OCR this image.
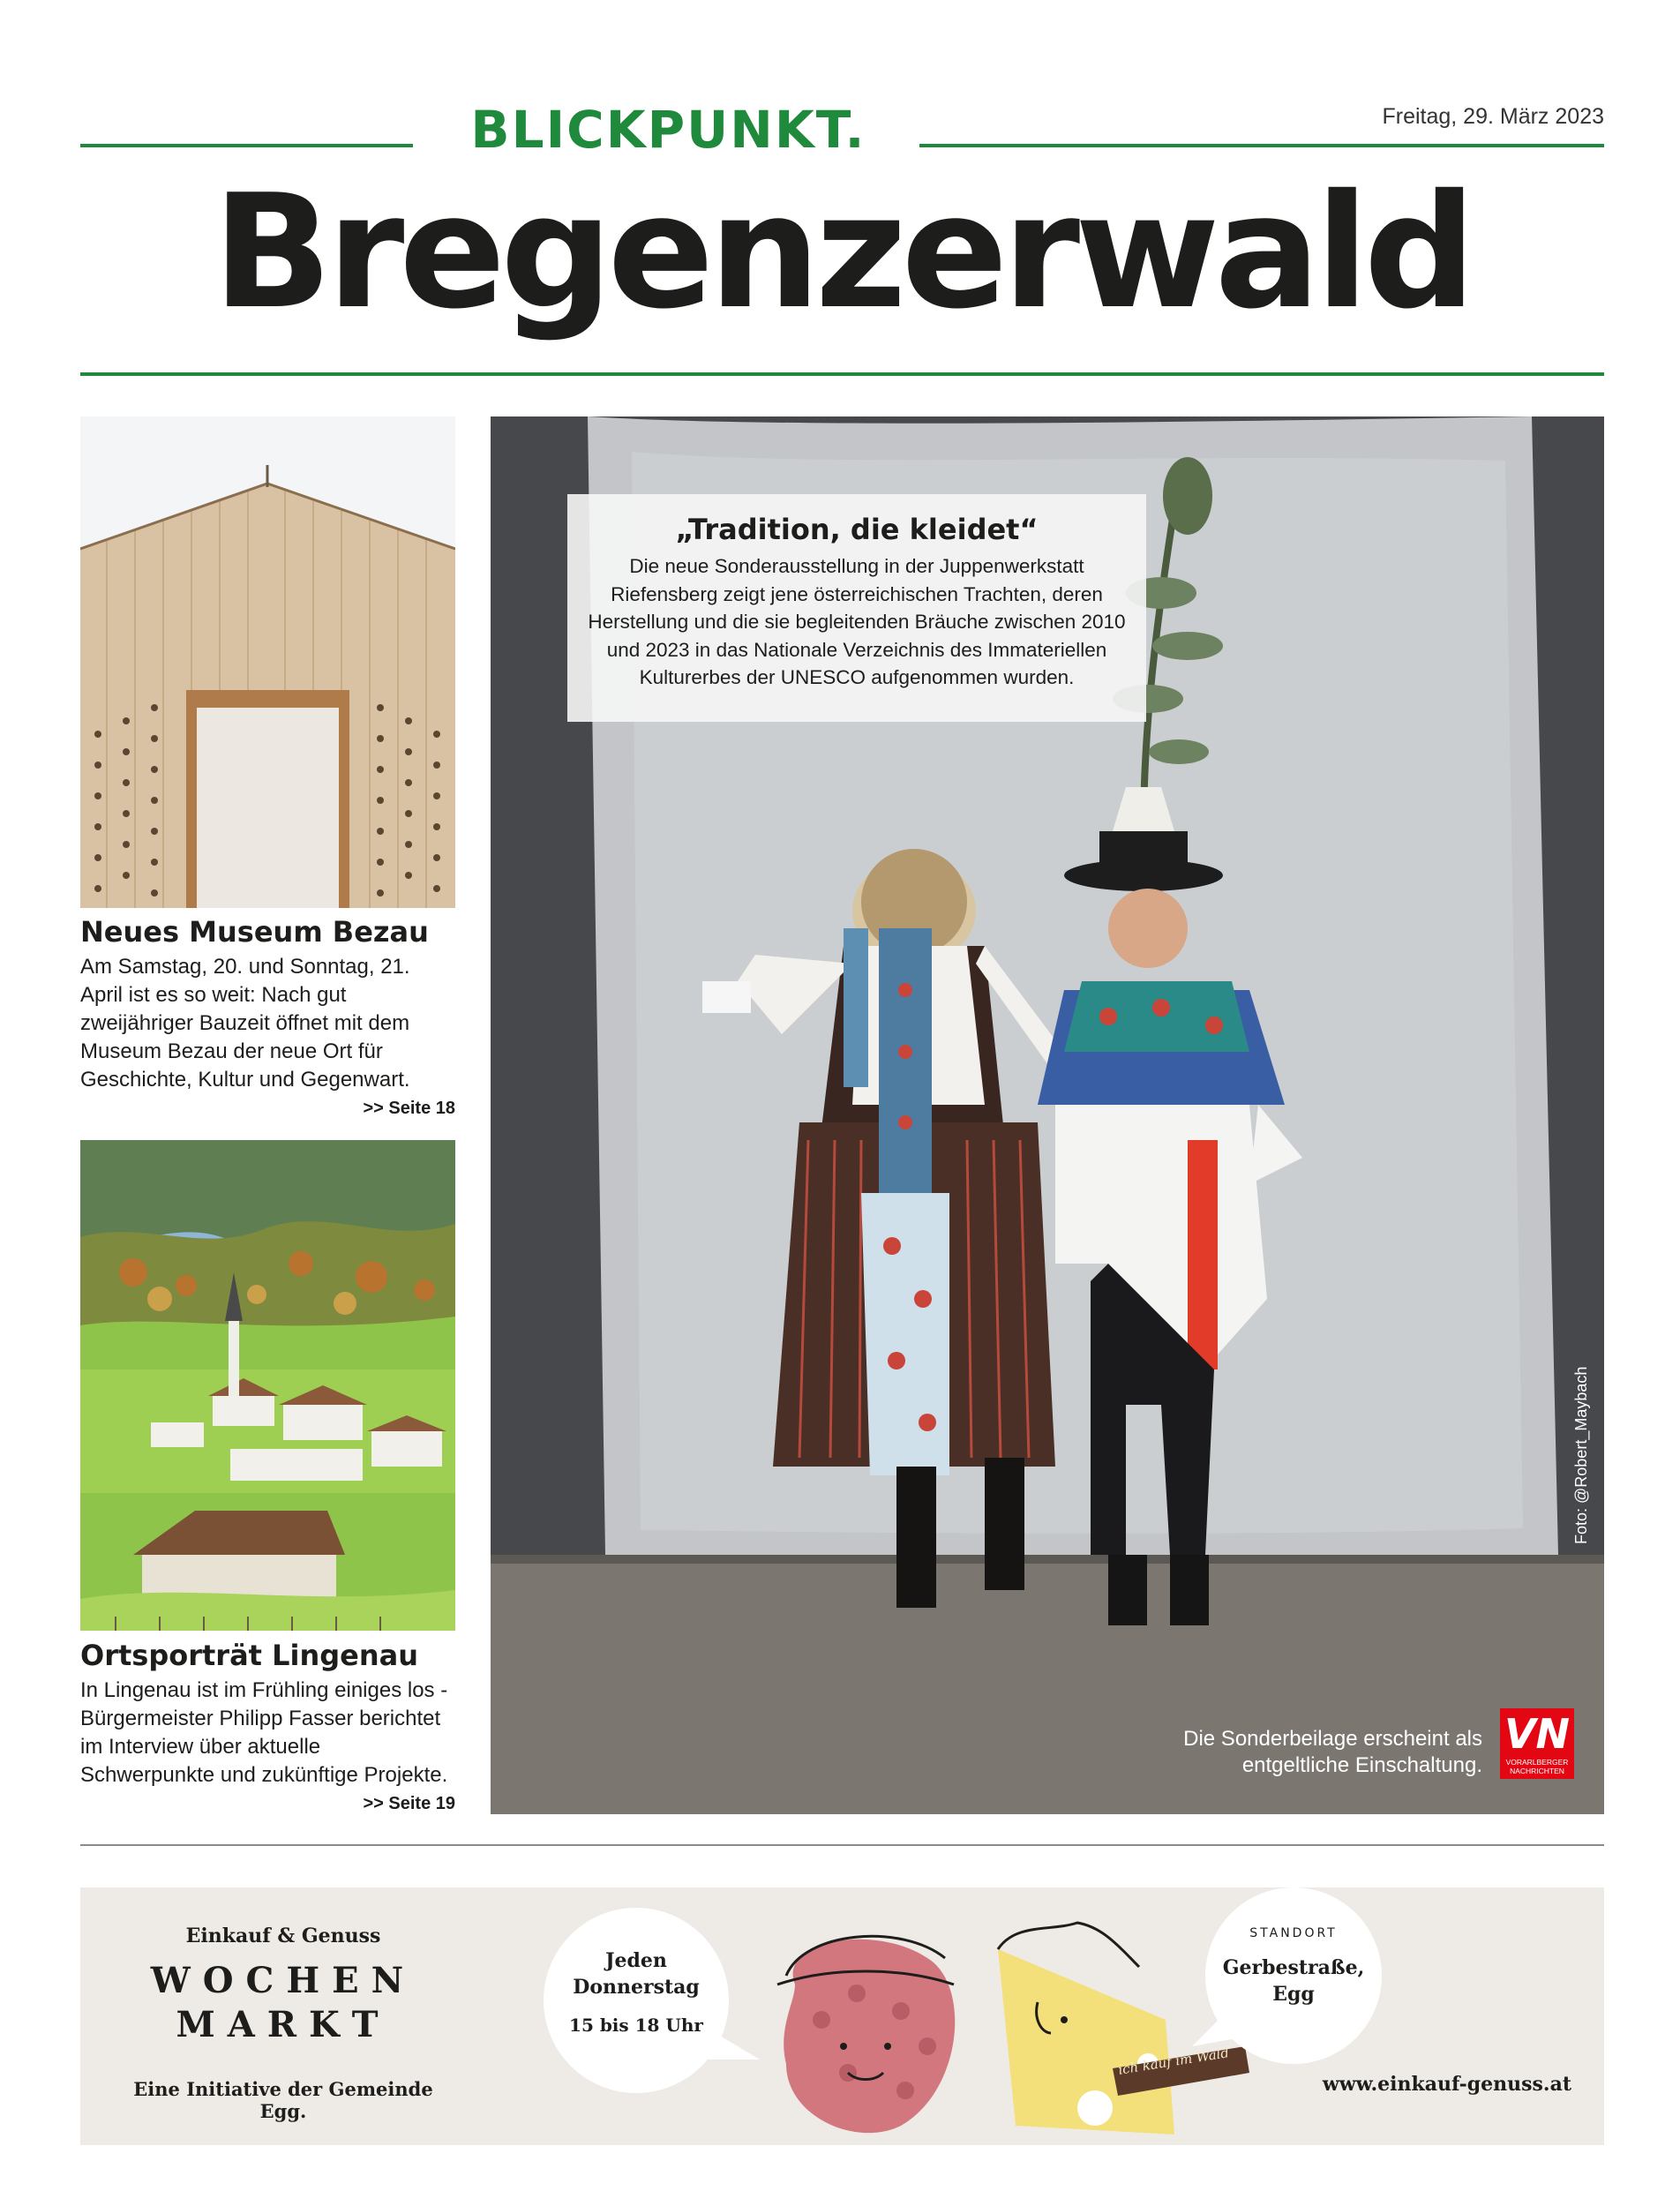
BLICKPUNKT.	Freitag, 29. März 2023
Bregenzerwald
Neues Museum Bezau
Am Samstag, 20. und Sonntag, 21. April ist es so weit: Nach gut zweijähriger Bauzeit öffnet mit dem Museum Bezau der neue Ort für Geschichte, Kultur und Gegenwart.
>> Seite 18
Ortsporträt Lingenau
In Lingenau ist im Frühling einiges los - Bürgermeister Philipp Fasser berichtet im Interview über aktuelle Schwerpunkte und zukünftige Projekte.
>> Seite 19
„Tradition, die kleidet“
Die neue Sonderausstellung in der Juppenwerkstatt Riefensberg zeigt jene österreichischen Trachten, deren Herstellung und die sie begleitenden Bräuche zwischen 2010 und 2023 in das Nationale Verzeichnis des Immateriellen Kulturerbes der UNESCO aufgenommen wurden.
Foto: @Robert_Maybach
Die Sonderbeilage erscheint als entgeltliche Einschaltung.
VN
VORARLBERGER NACHRICHTEN
Einkauf & Genuss
WOCHEN
MARKT
Eine Initiative der Gemeinde Egg.
Jeden Donnerstag
15 bis 18 Uhr
STANDORT
Gerbestraße, Egg
ich kauf im Wald
www.einkauf-genuss.at
